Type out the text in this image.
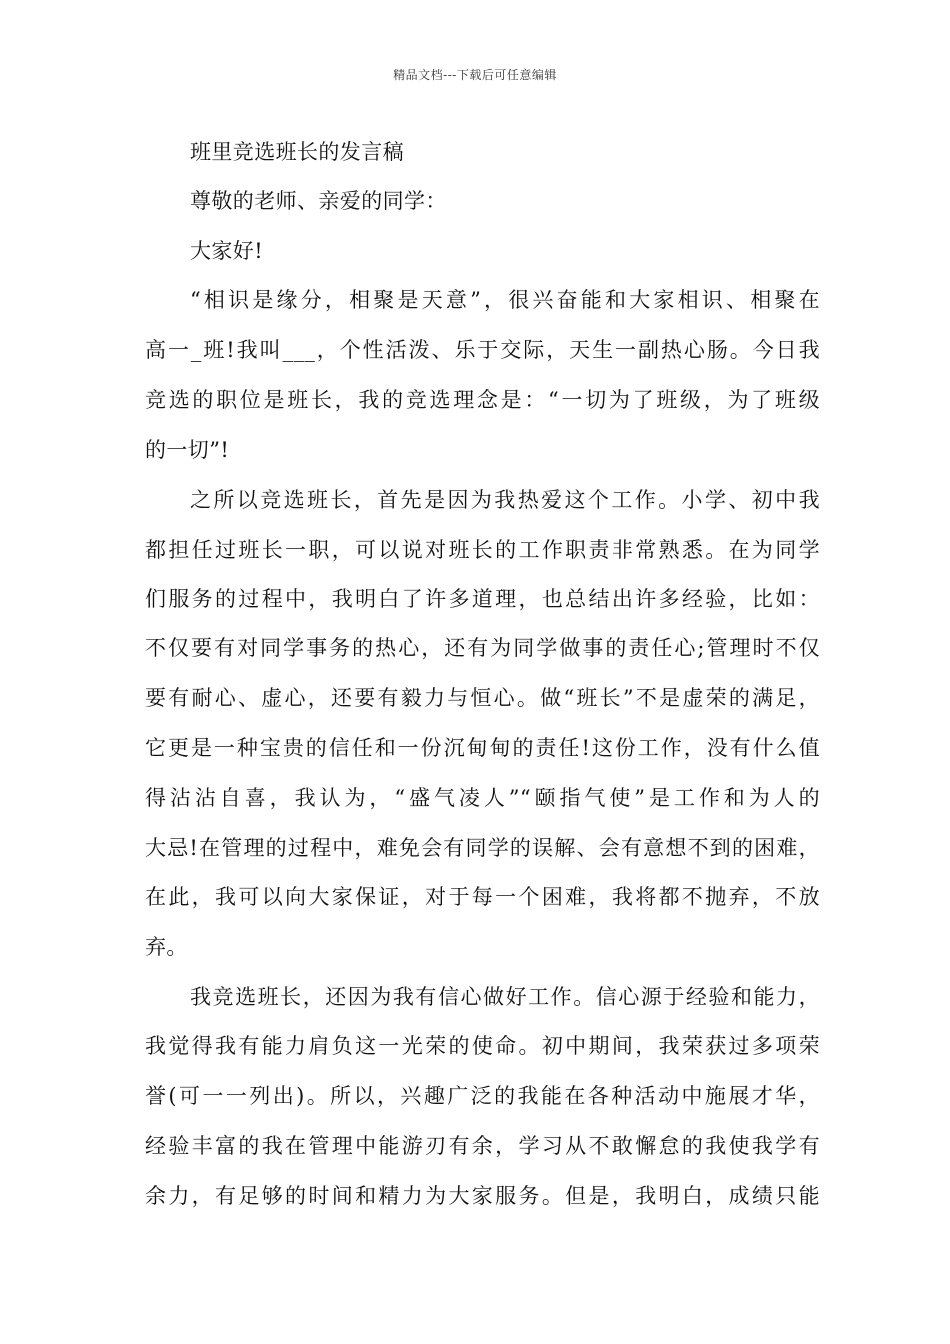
精品文档---下载后可任意编辑
班里竞选班长的发言稿
尊敬的老师、亲爱的同学：
大家好!
“相识是缘分，相聚是天意”，很兴奋能和大家相识、相聚在
高一_班!我叫___，个性活泼、乐于交际，天生一副热心肠。今日我
竞选的职位是班长，我的竞选理念是：“一切为了班级，为了班级
的一切”!
之所以竞选班长，首先是因为我热爱这个工作。小学、初中我
都担任过班长一职，可以说对班长的工作职责非常熟悉。在为同学
们服务的过程中，我明白了许多道理，也总结出许多经验，比如：
不仅要有对同学事务的热心，还有为同学做事的责任心;管理时不仅
要有耐心、虚心，还要有毅力与恒心。做“班长”不是虚荣的满足，
它更是一种宝贵的信任和一份沉甸甸的责任!这份工作，没有什么值
得沾沾自喜，我认为，“盛气凌人”“颐指气使”是工作和为人的
大忌!在管理的过程中，难免会有同学的误解、会有意想不到的困难，
在此，我可以向大家保证，对于每一个困难，我将都不抛弃，不放
弃。
我竞选班长，还因为我有信心做好工作。信心源于经验和能力，
我觉得我有能力肩负这一光荣的使命。初中期间，我荣获过多项荣
誉(可一一列出)。所以，兴趣广泛的我能在各种活动中施展才华，
经验丰富的我在管理中能游刃有余，学习从不敢懈怠的我使我学有
余力，有足够的时间和精力为大家服务。但是，我明白，成绩只能
